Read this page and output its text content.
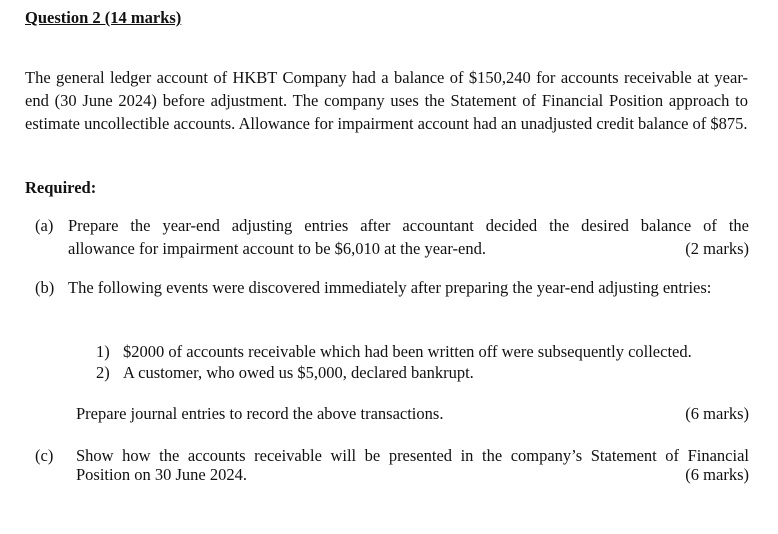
Question 2 (14 marks)
The general ledger account of HKBT Company had a balance of $150,240 for accounts receivable at year-end (30 June 2024) before adjustment. The company uses the Statement of Financial Position approach to estimate uncollectible accounts. Allowance for impairment account had an unadjusted credit balance of $875.
Required:
(a) Prepare the year-end adjusting entries after accountant decided the desired balance of the
allowance for impairment account to be $6,010 at the year-end.	(2 marks)
(b) The following events were discovered immediately after preparing the year-end adjusting entries:
1) $2000 of accounts receivable which had been written off were subsequently collected.
2) A customer, who owed us $5,000, declared bankrupt.
Prepare journal entries to record the above transactions.	(6 marks)
(c) Show how the accounts receivable will be presented in the company’s Statement of Financial
Position on 30 June 2024.	(6 marks)
